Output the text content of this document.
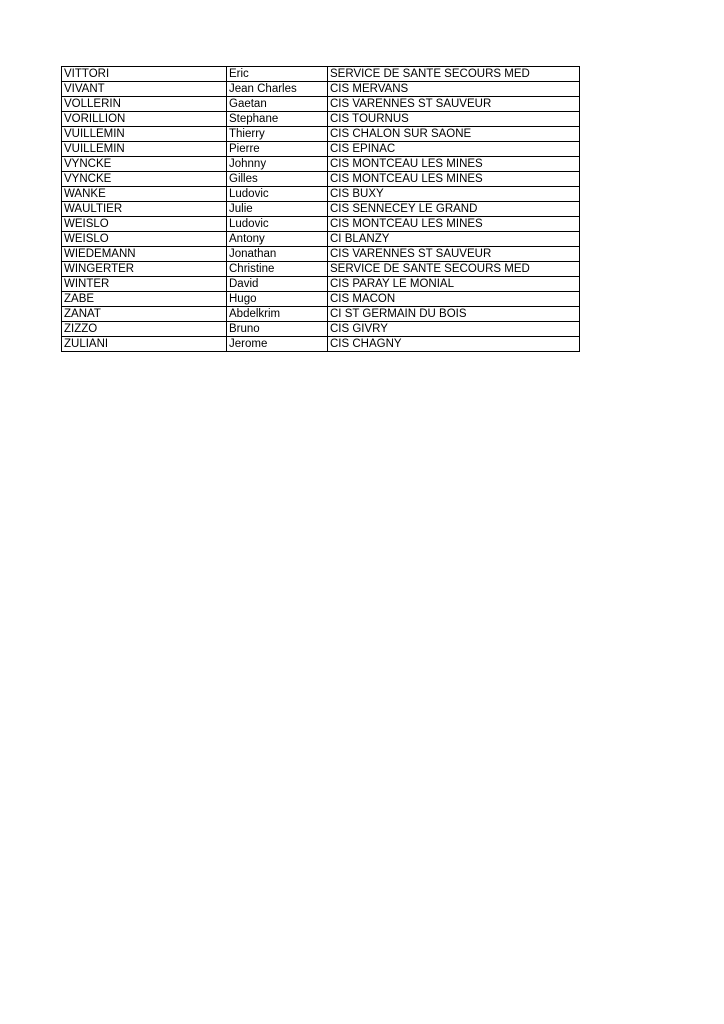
VITTORI	Eric	SERVICE DE SANTE SECOURS MED
VIVANT	Jean Charles	CIS MERVANS
VOLLERIN	Gaetan	CIS VARENNES ST SAUVEUR
VORILLION	Stephane	CIS TOURNUS
VUILLEMIN	Thierry	CIS CHALON SUR SAONE
VUILLEMIN	Pierre	CIS EPINAC
VYNCKE	Johnny	CIS MONTCEAU LES MINES
VYNCKE	Gilles	CIS MONTCEAU LES MINES
WANKE	Ludovic	CIS BUXY
WAULTIER	Julie	CIS SENNECEY LE GRAND
WEISLO	Ludovic	CIS MONTCEAU LES MINES
WEISLO	Antony	CI BLANZY
WIEDEMANN	Jonathan	CIS VARENNES ST SAUVEUR
WINGERTER	Christine	SERVICE DE SANTE SECOURS MED
WINTER	David	CIS PARAY LE MONIAL
ZABE	Hugo	CIS MACON
ZANAT	Abdelkrim	CI ST GERMAIN DU BOIS
ZIZZO	Bruno	CIS GIVRY
ZULIANI	Jerome	CIS CHAGNY
